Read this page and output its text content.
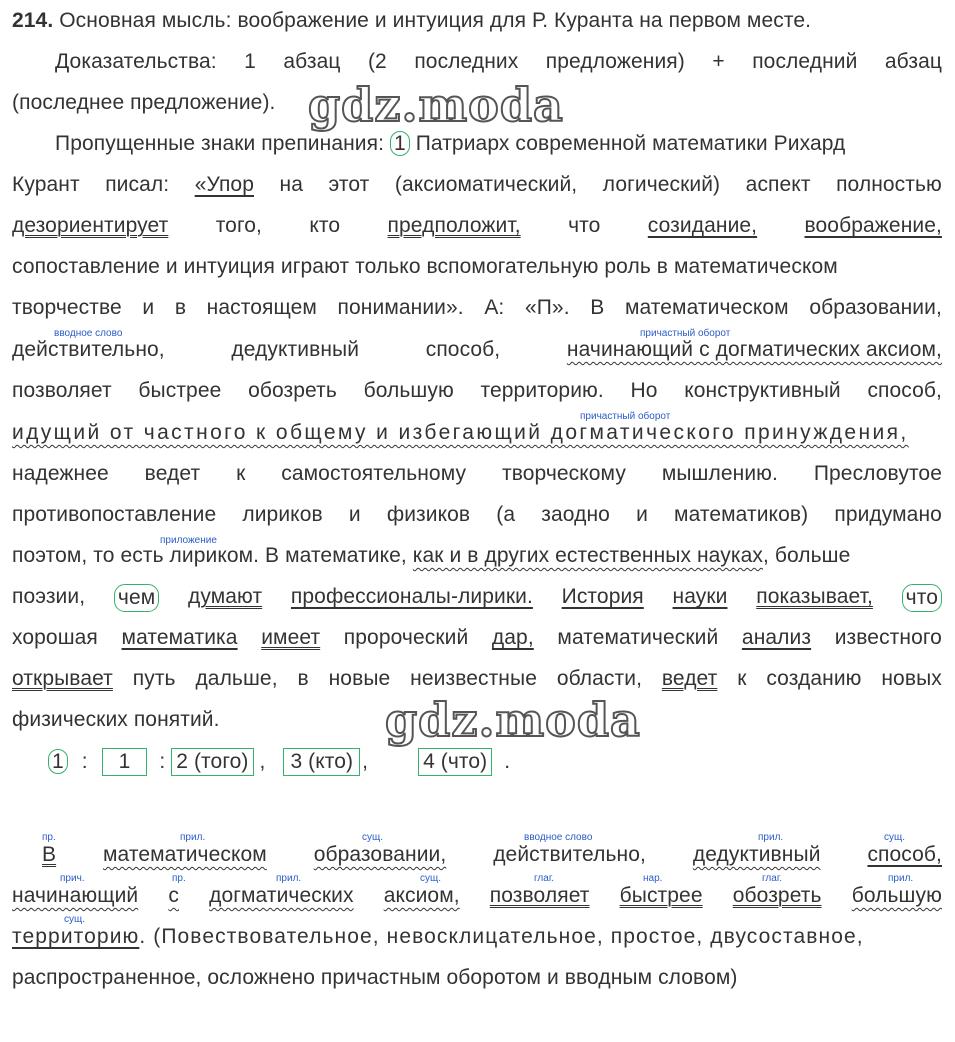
214. Основная мысль: воображение и интуиция для Р. Куранта на первом месте.
Доказательства: 1 абзац (2 последних предложения) + последний абзац
(последнее предложение).
Пропущенные знаки препинания: 1 Патриарх современной математики Рихард
Курант писал: «Упор на этот (аксиоматический, логический) аспект полностью
дезориентирует того, кто предположит, что созидание, воображение,
сопоставление и интуиция играют только вспомогательную роль в математическом
творчестве и в настоящем понимании». А: «П». В математическом образовании,
вводное слово	причастный оборот
действительно,	дедуктивный	способ,	начинающий с догматических аксиом,
позволяет быстрее обозреть большую территорию. Но конструктивный способ,
причастный оборот
идущий от частного к общему и избегающий догматического принуждения,
надежнее ведет к самостоятельному творческому мышлению. Пресловутое
противопоставление лириков и физиков (а заодно и математиков) придумано
приложение
поэтом, то есть лириком. В математике, как и в других естественных науках, больше
поэзии, чем думают профессионалы-лирики. История науки показывает, что
хорошая математика имеет пророческий дар, математический анализ известного
открывает путь дальше, в новые неизвестные области, ведет к созданию новых
физических понятий.
1 : 1 : 2 (того) , 3 (кто) ,	4 (что) .
пр.	прил.	сущ.	вводное слово	прил.	сущ.
В математическом образовании, действительно, дедуктивный способ,
прич.	пр.	прил.	сущ.	глаг.	нар.	глаг.	прил.
начинающий с догматических аксиом, позволяет быстрее обозреть большую
сущ.
территорию. (Повествовательное, невосклицательное, простое, двусоставное,
распространенное, осложнено причастным оборотом и вводным словом)
gdz.moda
gdz.moda
